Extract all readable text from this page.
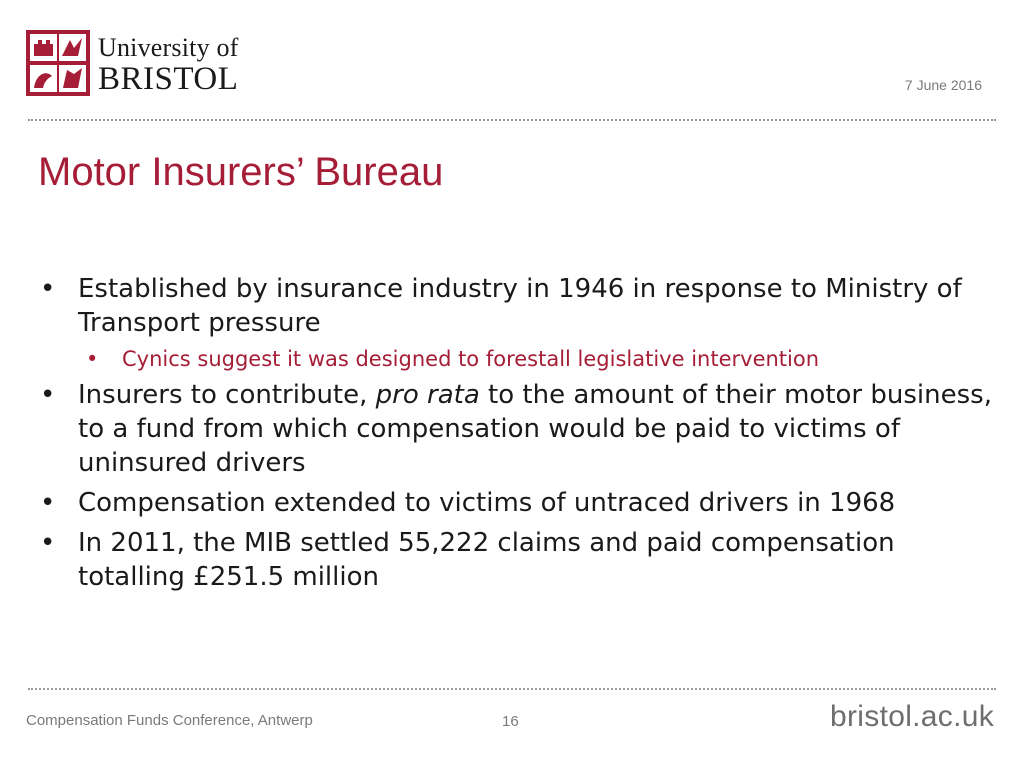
University of
BRISTOL	7 June 2016
Motor Insurers’ Bureau
• Established by insurance industry in 1946 in response to Ministry of Transport pressure
• Cynics suggest it was designed to forestall legislative intervention
• Insurers to contribute, pro rata to the amount of their motor business, to a fund from which compensation would be paid to victims of uninsured drivers
• Compensation extended to victims of untraced drivers in 1968
• In 2011, the MIB settled 55,222 claims and paid compensation totalling £251.5 million
Compensation Funds Conference, Antwerp	16	bristol.ac.uk
